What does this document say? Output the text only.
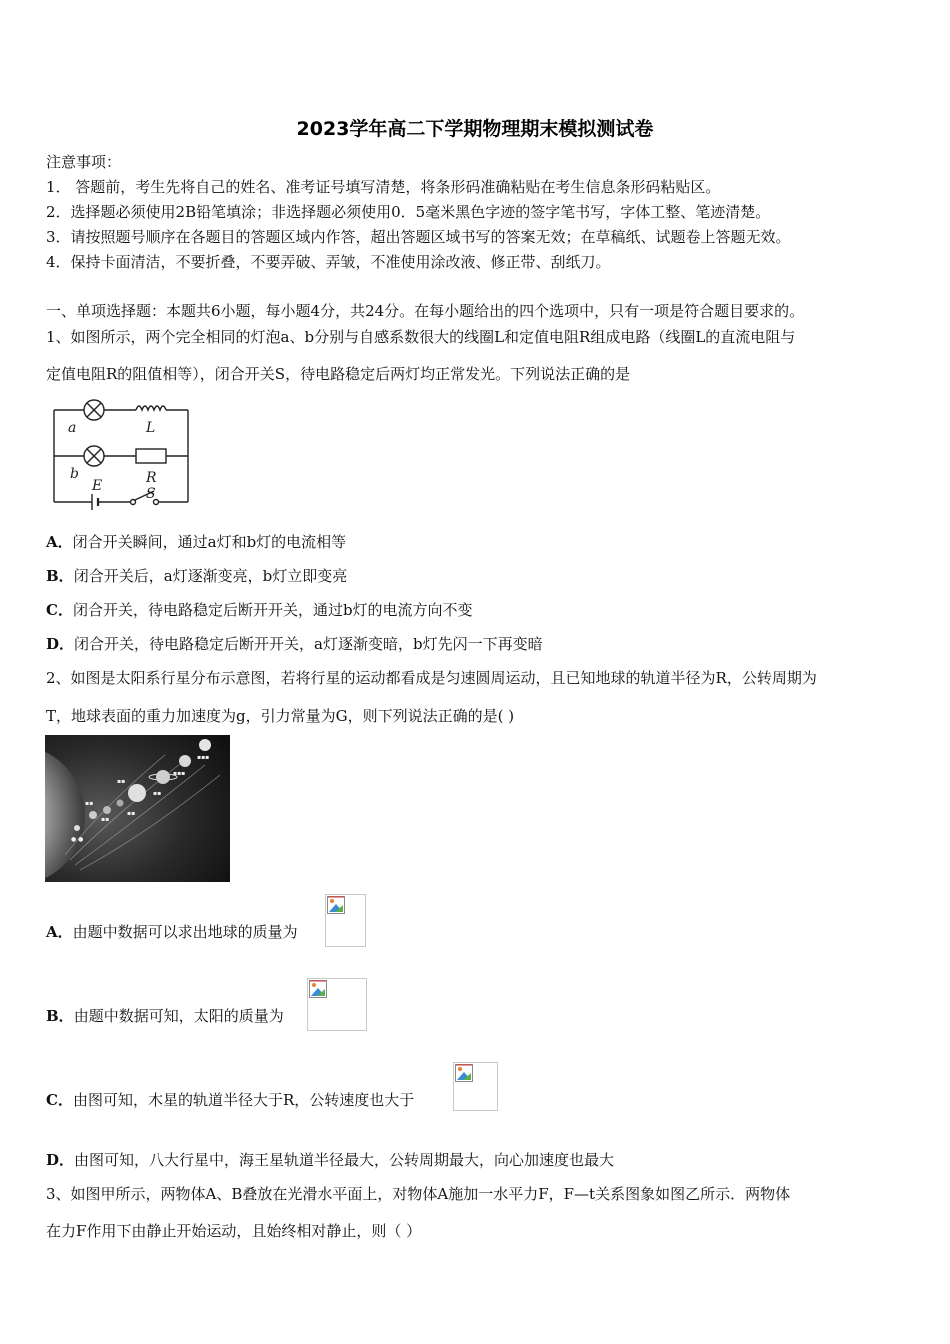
2023学年高二下学期物理期末模拟测试卷
注意事项：
1． 答题前，考生先将自己的姓名、准考证号填写清楚，将条形码准确粘贴在考生信息条形码粘贴区。
2．选择题必须使用2B铅笔填涂；非选择题必须使用0．5毫米黑色字迹的签字笔书写，字体工整、笔迹清楚。
3．请按照题号顺序在各题目的答题区域内作答，超出答题区域书写的答案无效；在草稿纸、试题卷上答题无效。
4．保持卡面清洁，不要折叠，不要弄破、弄皱，不准使用涂改液、修正带、刮纸刀。
一、单项选择题：本题共6小题，每小题4分，共24分。在每小题给出的四个选项中，只有一项是符合题目要求的。
1、如图所示，两个完全相同的灯泡a、b分别与自感系数很大的线圈L和定值电阻R组成电路（线圈L的直流电阻与
定值电阻R的阻值相等），闭合开关S，待电路稳定后两灯均正常发光。下列说法正确的是
a
b
L
R
E	S
A．闭合开关瞬间，通过a灯和b灯的电流相等
B．闭合开关后，a灯逐渐变亮，b灯立即变亮
C．闭合开关，待电路稳定后断开开关，通过b灯的电流方向不变
D．闭合开关，待电路稳定后断开开关，a灯逐渐变暗，b灯先闪一下再变暗
2、如图是太阳系行星分布示意图，若将行星的运动都看成是匀速圆周运动，且已知地球的轨道半径为R，公转周期为
T，地球表面的重力加速度为g，引力常量为G，则下列说法正确的是( )
● ●
▪▪
▪▪
▪▪
▪▪
▪▪
▪▪▪
▪▪▪
A．由题中数据可以求出地球的质量为
B．由题中数据可知，太阳的质量为
C．由图可知，木星的轨道半径大于R，公转速度也大于
D．由图可知，八大行星中，海王星轨道半径最大，公转周期最大，向心加速度也最大
3、如图甲所示，两物体A、B叠放在光滑水平面上，对物体A施加一水平力F，F—t关系图象如图乙所示．两物体
在力F作用下由静止开始运动，且始终相对静止，则（ ）
